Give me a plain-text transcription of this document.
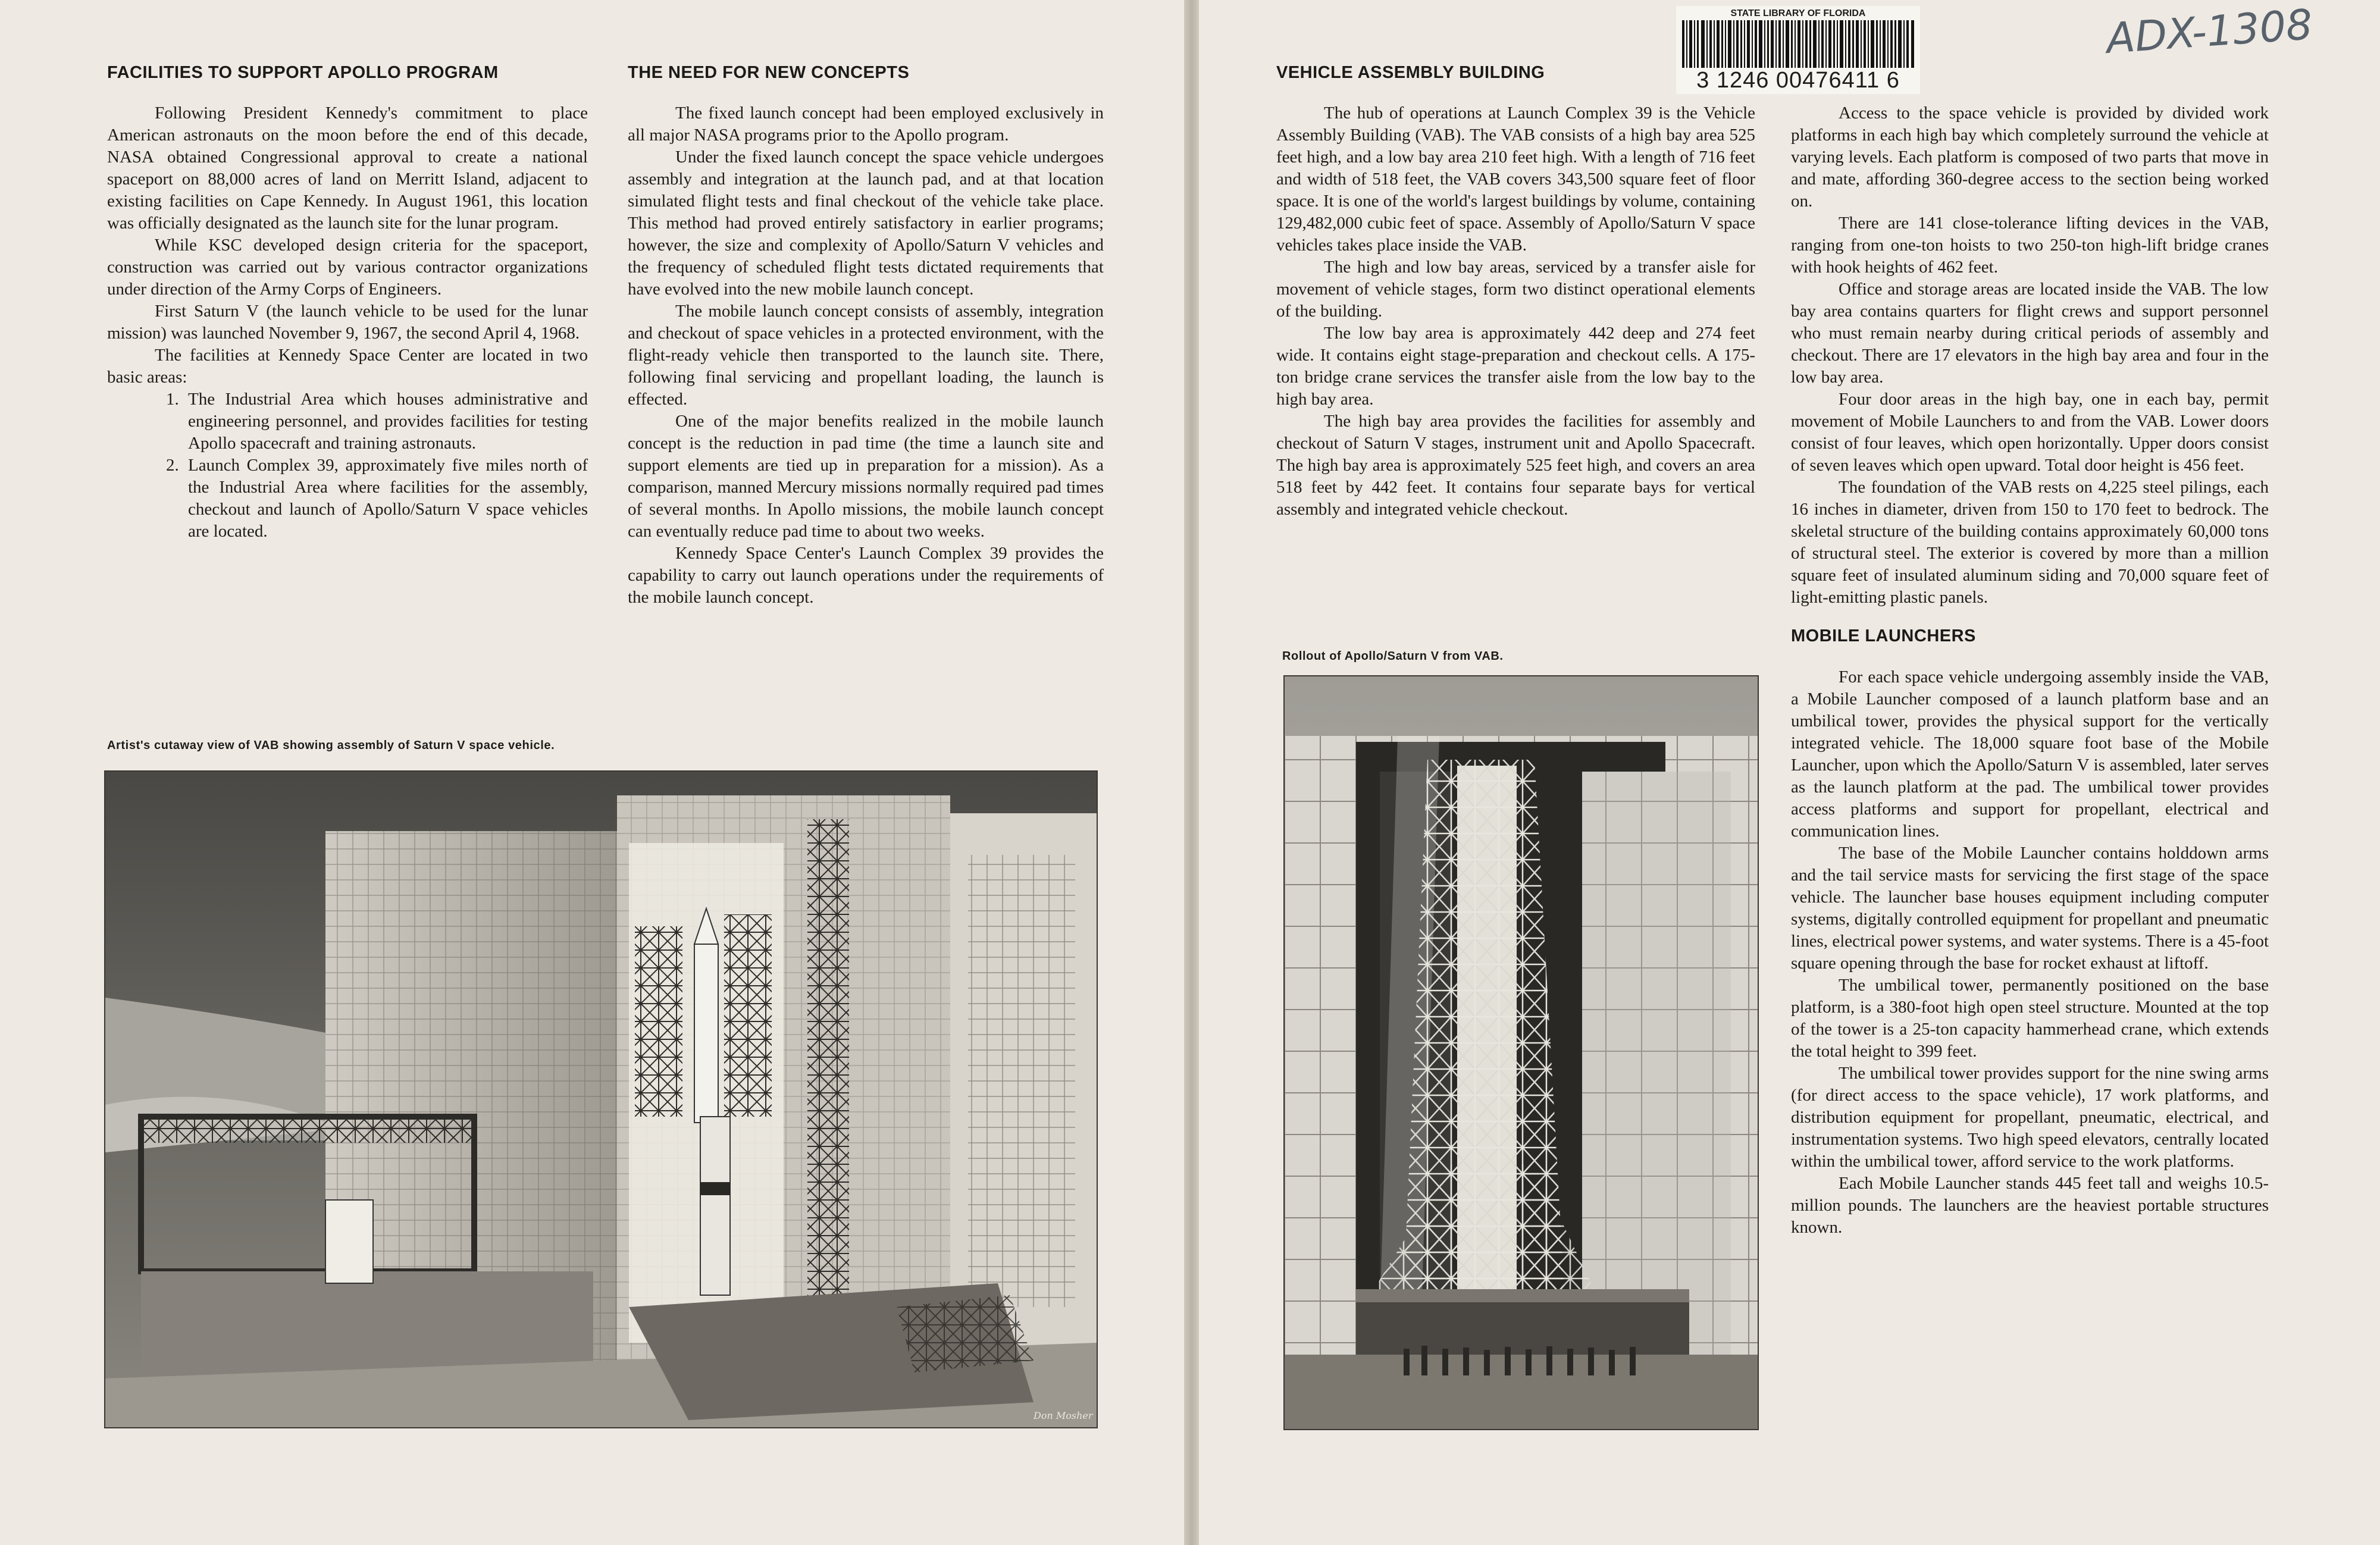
FACILITIES TO SUPPORT APOLLO PROGRAM

Following President Kennedy's commitment to place American astronauts on the moon before the end of this decade, NASA obtained Congressional approval to create a national spaceport on 88,000 acres of land on Merritt Island, adjacent to existing facilities on Cape Kennedy. In August 1961, this location was officially designated as the launch site for the lunar program.

While KSC developed design criteria for the spaceport, construction was carried out by various contractor organizations under direction of the Army Corps of Engineers.

First Saturn V (the launch vehicle to be used for the lunar mission) was launched November 9, 1967, the second April 4, 1968.

The facilities at Kennedy Space Center are located in two basic areas:

1. The Industrial Area which houses administrative and engineering personnel, and provides facilities for testing Apollo spacecraft and training astronauts.
2. Launch Complex 39, approximately five miles north of the Industrial Area where facilities for the assembly, checkout and launch of Apollo/Saturn V space vehicles are located.
THE NEED FOR NEW CONCEPTS

The fixed launch concept had been employed exclusively in all major NASA programs prior to the Apollo program.

Under the fixed launch concept the space vehicle undergoes assembly and integration at the launch pad, and at that location simulated flight tests and final checkout of the vehicle take place. This method had proved entirely satisfactory in earlier programs; however, the size and complexity of Apollo/Saturn V vehicles and the frequency of scheduled flight tests dictated requirements that have evolved into the new mobile launch concept.

The mobile launch concept consists of assembly, integration and checkout of space vehicles in a protected environment, with the flight-ready vehicle then transported to the launch site. There, following final servicing and propellant loading, the launch is effected.

One of the major benefits realized in the mobile launch concept is the reduction in pad time (the time a launch site and support elements are tied up in preparation for a mission). As a comparison, manned Mercury missions normally required pad times of several months. In Apollo missions, the mobile launch concept can eventually reduce pad time to about two weeks.

Kennedy Space Center's Launch Complex 39 provides the capability to carry out launch operations under the requirements of the mobile launch concept.

Artist's cutaway view of VAB showing assembly of Saturn V space vehicle.
Don Mosher
VEHICLE ASSEMBLY BUILDING

The hub of operations at Launch Complex 39 is the Vehicle Assembly Building (VAB). The VAB consists of a high bay area 525 feet high, and a low bay area 210 feet high. With a length of 716 feet and width of 518 feet, the VAB covers 343,500 square feet of floor space. It is one of the world's largest buildings by volume, containing 129,482,000 cubic feet of space. Assembly of Apollo/Saturn V space vehicles takes place inside the VAB.

The high and low bay areas, serviced by a transfer aisle for movement of vehicle stages, form two distinct operational elements of the building.

The low bay area is approximately 442 deep and 274 feet wide. It contains eight stage-preparation and checkout cells. A 175-ton bridge crane services the transfer aisle from the low bay to the high bay area.

The high bay area provides the facilities for assembly and checkout of Saturn V stages, instrument unit and Apollo Spacecraft. The high bay area is approximately 525 feet high, and covers an area 518 feet by 442 feet. It contains four separate bays for vertical assembly and integrated vehicle checkout.

Access to the space vehicle is provided by divided work platforms in each high bay which completely surround the vehicle at varying levels. Each platform is composed of two parts that move in and mate, affording 360-degree access to the section being worked on.

There are 141 close-tolerance lifting devices in the VAB, ranging from one-ton hoists to two 250-ton high-lift bridge cranes with hook heights of 462 feet.

Office and storage areas are located inside the VAB. The low bay area contains quarters for flight crews and support personnel who must remain nearby during critical periods of assembly and checkout. There are 17 elevators in the high bay area and four in the low bay area.

Four door areas in the high bay, one in each bay, permit movement of Mobile Launchers to and from the VAB. Lower doors consist of four leaves, which open horizontally. Upper doors consist of seven leaves which open upward. Total door height is 456 feet.

The foundation of the VAB rests on 4,225 steel pilings, each 16 inches in diameter, driven from 150 to 170 feet to bedrock. The skeletal structure of the building contains approximately 60,000 tons of structural steel. The exterior is covered by more than a million square feet of insulated aluminum siding and 70,000 square feet of light-emitting plastic panels.

MOBILE LAUNCHERS

For each space vehicle undergoing assembly inside the VAB, a Mobile Launcher composed of a launch platform base and an umbilical tower, provides the physical support for the vertically integrated vehicle. The 18,000 square foot base of the Mobile Launcher, upon which the Apollo/Saturn V is assembled, later serves as the launch platform at the pad. The umbilical tower provides access platforms and support for propellant, electrical and communication lines.

The base of the Mobile Launcher contains holddown arms and the tail service masts for servicing the first stage of the space vehicle. The launcher base houses equipment including computer systems, digitally controlled equipment for propellant and pneumatic lines, electrical power systems, and water systems. There is a 45-foot square opening through the base for rocket exhaust at liftoff.

The umbilical tower, permanently positioned on the base platform, is a 380-foot high open steel structure. Mounted at the top of the tower is a 25-ton capacity hammerhead crane, which extends the total height to 399 feet.

The umbilical tower provides support for the nine swing arms (for direct access to the space vehicle), 17 work platforms, and distribution equipment for propellant, pneumatic, electrical, and instrumentation systems. Two high speed elevators, centrally located within the umbilical tower, afford service to the work platforms.

Each Mobile Launcher stands 445 feet tall and weighs 10.5-million pounds. The launchers are the heaviest portable structures known.

Rollout of Apollo/Saturn V from VAB.
STATE LIBRARY OF FLORIDA
3 1246 00476411 6
ADX-1308
